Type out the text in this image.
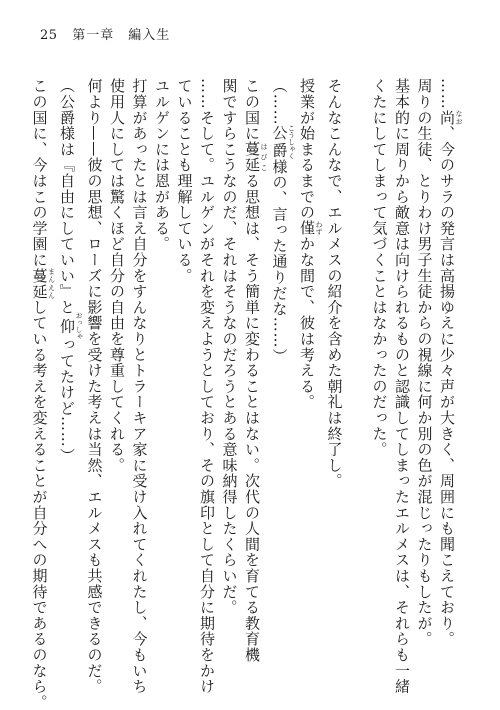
25 第一章　編入生
……尚 なお、今のサラの発言は高揚ゆえに少々声が大きく、周囲にも聞こえており。
周りの生徒、とりわけ男子生徒からの視線に何か別の色が混じったりもしたが。
基本的に周りから敵意は向けられるものと認識してしまったエルメスは、それらも一緒
くたにしてしまって気づくことはなかったのだった。
そんなこんなで、エルメスの紹介を含めた朝礼は終了し。
授業が始まるまでの僅 わずかな間で、彼は考える。
（……公爵 こうしゃく様の、言った通りだな……）
この国に蔓延 はびこる思想は、そう簡単に変わることはない。次代の人間を育てる教育機
関ですらこうなのだ、それはそうなのだろうとある意味納得したくらいだ。
……そして。ユルゲンがそれを変えようとしており、その旗印として自分に期待をかけ
ていることも理解している。
ユルゲンには恩がある。
打算があったとは言え自分をすんなりとトラーキア家に受け入れてくれたし、今もいち
使用人にしては驚くほど自分の自由を尊重してくれる。
何より——彼の思想、ローズに影響を受けた考えは当然、エルメスも共感できるのだ。
（公爵様は『自由にしていい』と仰 おっしゃってたけど……）
この国に、今はこの学園に蔓延 まんえんしている考えを変えることが自分への期待であるのなら。
